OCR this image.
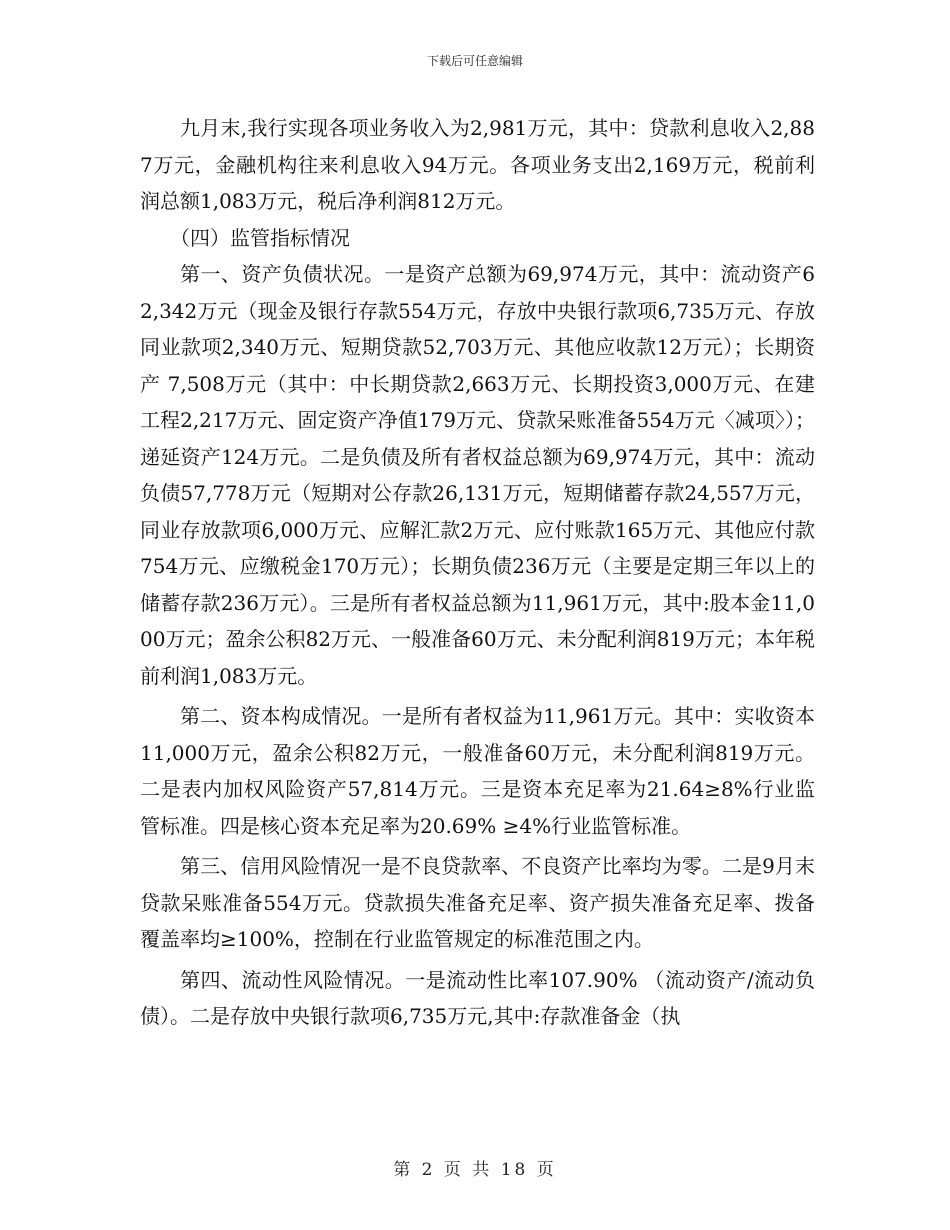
下载后可任意编辑

九月末,我行实现各项业务收入为2,981万元，其中：贷款利息收入2,887万元，金融机构往来利息收入94万元。各项业务支出2,169万元，税前利润总额1,083万元，税后净利润812万元。

（四）监管指标情况

第一、资产负债状况。一是资产总额为69,974万元，其中：流动资产62,342万元（现金及银行存款554万元，存放中央银行款项6,735万元、存放同业款项2,340万元、短期贷款52,703万元、其他应收款12万元）；长期资产 7,508万元（其中：中长期贷款2,663万元、长期投资3,000万元、在建工程2,217万元、固定资产净值179万元、贷款呆账准备554万元〈减项〉）；递延资产124万元。二是负债及所有者权益总额为69,974万元，其中：流动负债57,778万元（短期对公存款26,131万元，短期储蓄存款24,557万元，同业存放款项6,000万元、应解汇款2万元、应付账款165万元、其他应付款754万元、应缴税金170万元）；长期负债236万元（主要是定期三年以上的储蓄存款236万元）。三是所有者权益总额为11,961万元，其中:股本金11,000万元；盈余公积82万元、一般准备60万元、未分配利润819万元；本年税前利润1,083万元。

第二、资本构成情况。一是所有者权益为11,961万元。其中：实收资本11,000万元，盈余公积82万元，一般准备60万元，未分配利润819万元。二是表内加权风险资产57,814万元。三是资本充足率为21.64≥8%行业监管标准。四是核心资本充足率为20.69% ≥4%行业监管标准。

第三、信用风险情况一是不良贷款率、不良资产比率均为零。二是9月末贷款呆账准备554万元。贷款损失准备充足率、资产损失准备充足率、拨备覆盖率均≥100%，控制在行业监管规定的标准范围之内。

第四、流动性风险情况。一是流动性比率107.90% （流动资产/流动负债）。二是存放中央银行款项6,735万元,其中:存款准备金（执

第 2 页 共 18 页
